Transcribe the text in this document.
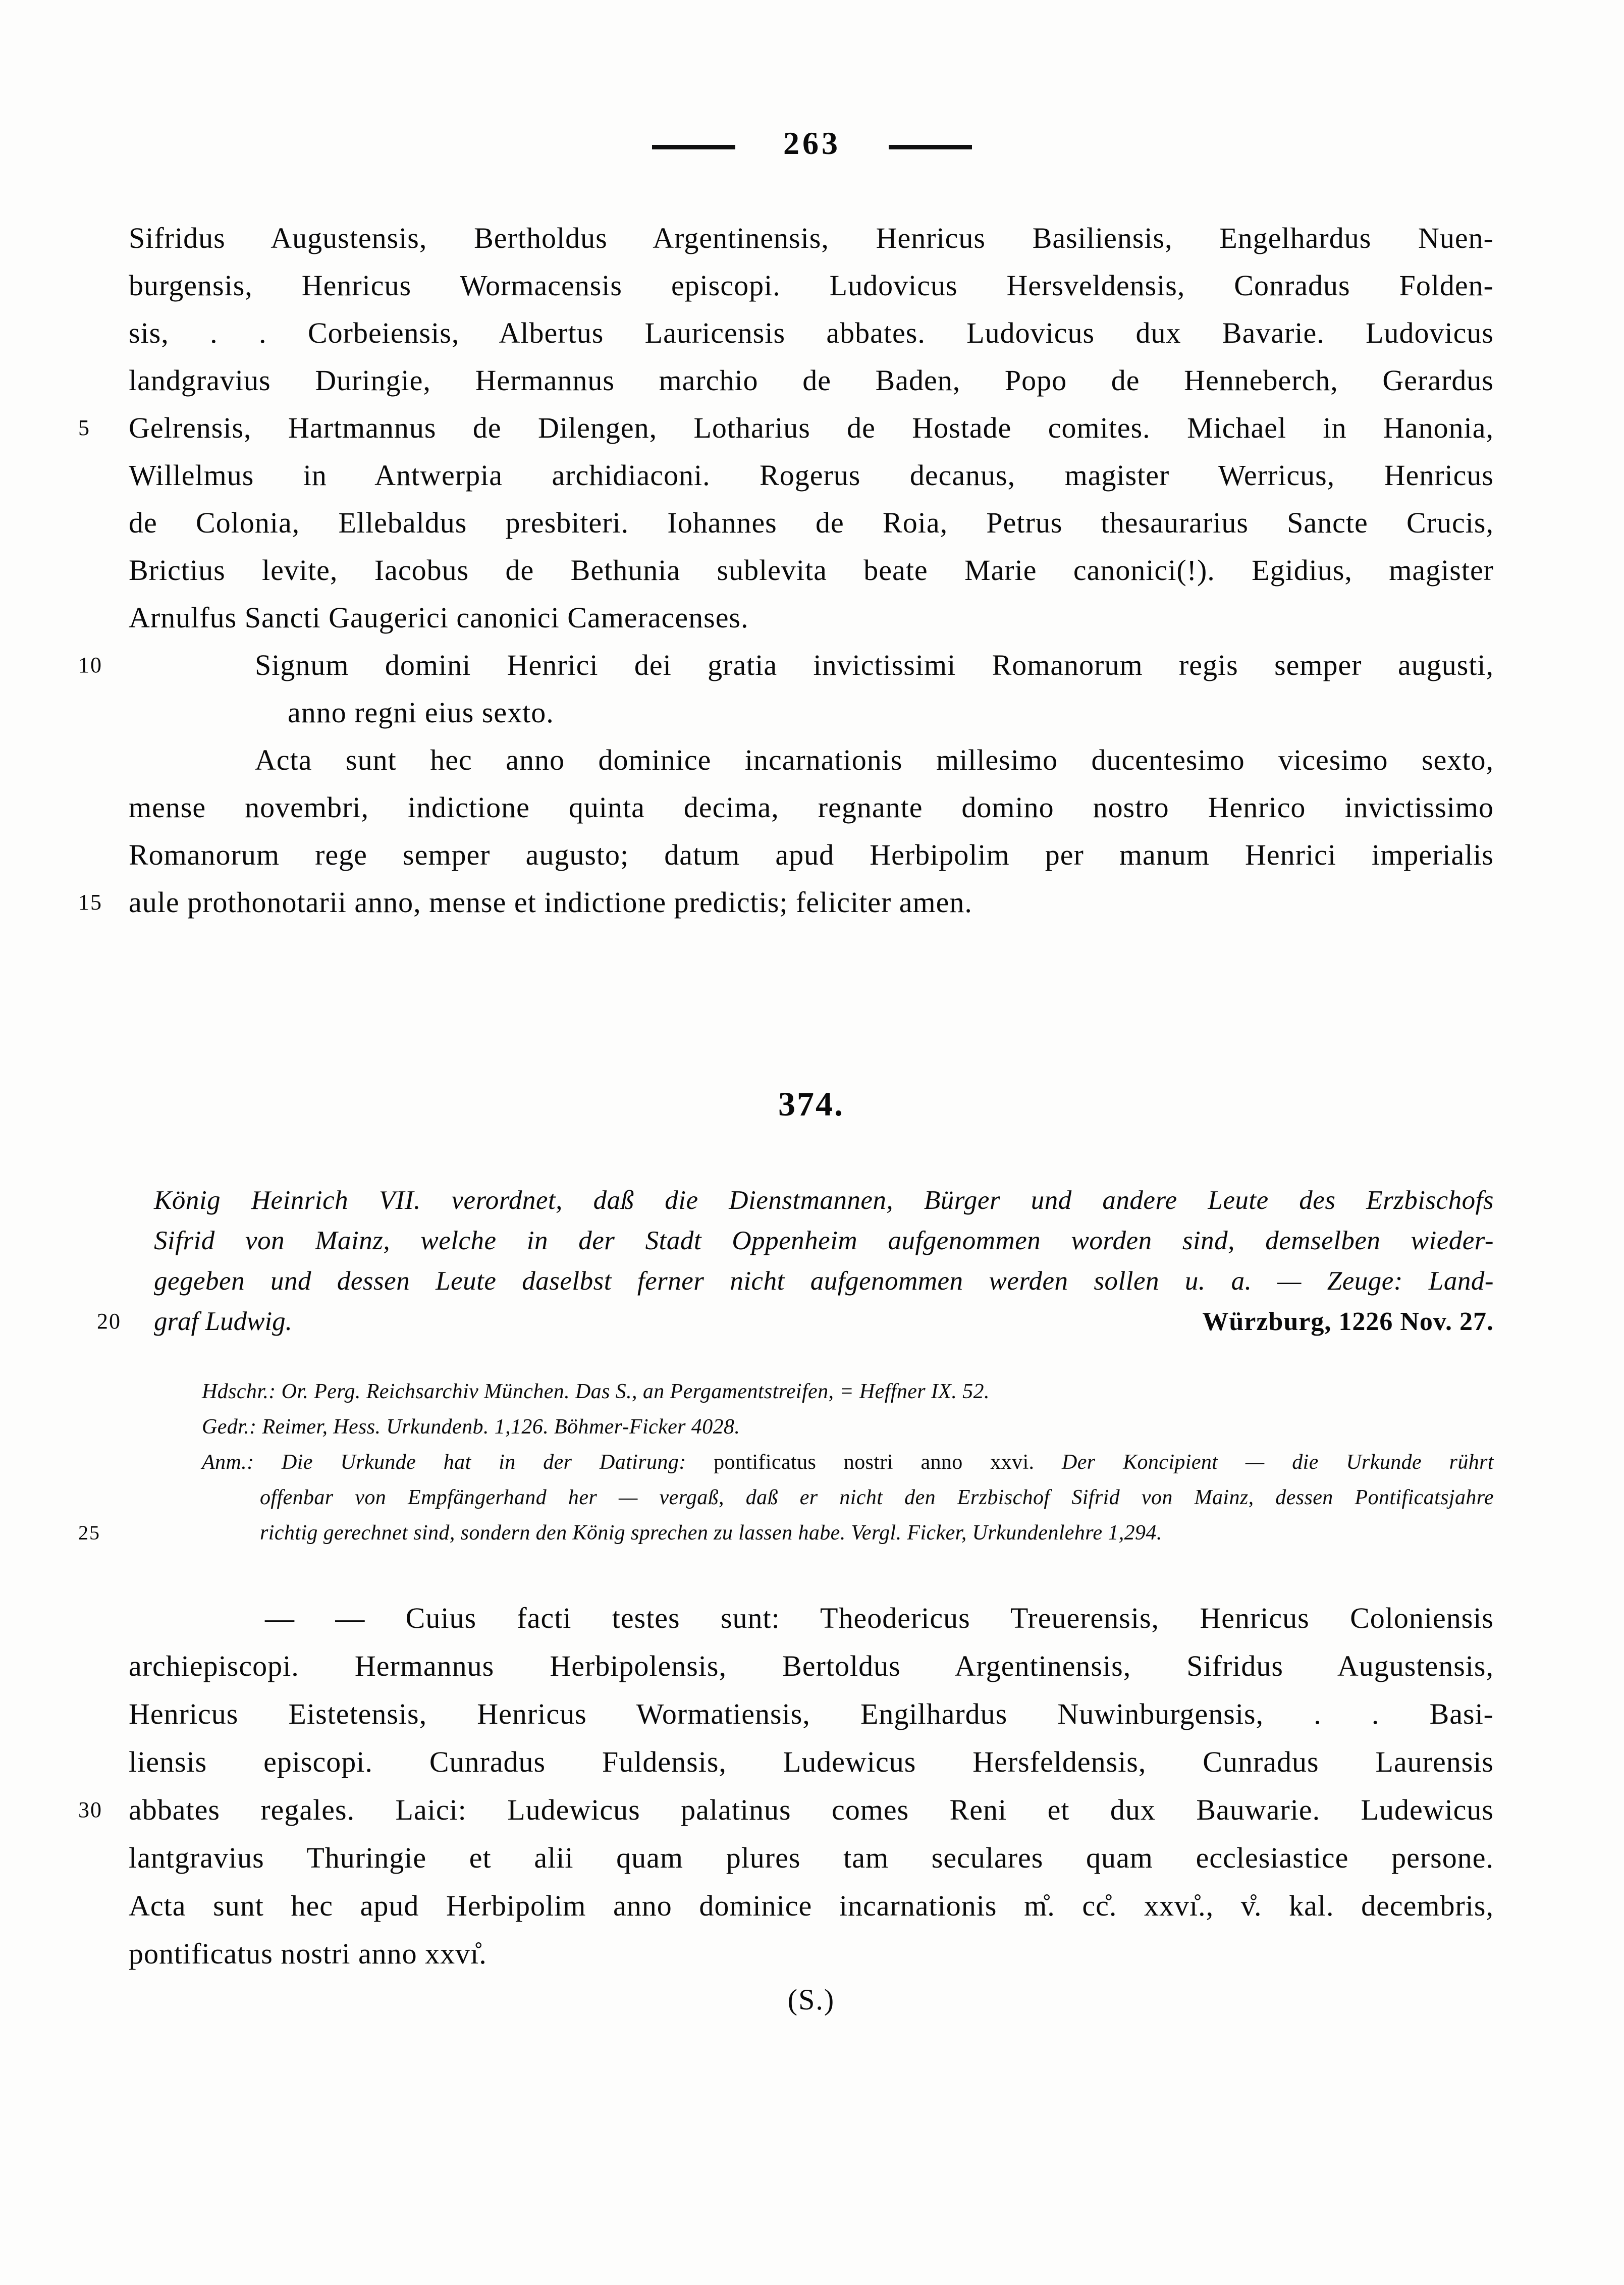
263
Sifridus Augustensis, Bertholdus Argentinensis, Henricus Basiliensis, Engelhardus Nuen-
burgensis, Henricus Wormacensis episcopi. Ludovicus Hersveldensis, Conradus Folden-
sis, . . Corbeiensis, Albertus Lauricensis abbates. Ludovicus dux Bavarie. Ludovicus
landgravius Duringie, Hermannus marchio de Baden, Popo de Henneberch, Gerardus
5	Gelrensis, Hartmannus de Dilengen, Lotharius de Hostade comites. Michael in Hanonia,
Willelmus in Antwerpia archidiaconi. Rogerus decanus, magister Werricus, Henricus
de Colonia, Ellebaldus presbiteri. Iohannes de Roia, Petrus thesaurarius Sancte Crucis,
Brictius levite, Iacobus de Bethunia sublevita beate Marie canonici(!). Egidius, magister
Arnulfus Sancti Gaugerici canonici Cameracenses.
10	Signum domini Henrici dei gratia invictissimi Romanorum regis semper augusti,
anno regni eius sexto.
Acta sunt hec anno dominice incarnationis millesimo ducentesimo vicesimo sexto,
mense novembri, indictione quinta decima, regnante domino nostro Henrico invictissimo
Romanorum rege semper augusto; datum apud Herbipolim per manum Henrici imperialis
15 aule prothonotarii anno, mense et indictione predictis; feliciter amen.
374.
König Heinrich VII. verordnet, daß die Dienstmannen, Bürger und andere Leute des Erzbischofs
Sifrid von Mainz, welche in der Stadt Oppenheim aufgenommen worden sind, demselben wieder-
gegeben und dessen Leute daselbst ferner nicht aufgenommen werden sollen u. a. — Zeuge: Land-
20 graf Ludwig.	Würzburg, 1226 Nov. 27.
Hdschr.: Or. Perg. Reichsarchiv München. Das S., an Pergamentstreifen, = Heffner IX. 52.
Gedr.: Reimer, Hess. Urkundenb. 1,126. Böhmer-Ficker 4028.
Anm.: Die Urkunde hat in der Datirung: pontificatus nostri anno xxvi. Der Koncipient — die Urkunde rührt
offenbar von Empfängerhand her — vergaß, daß er nicht den Erzbischof Sifrid von Mainz, dessen Pontificatsjahre
25	richtig gerechnet sind, sondern den König sprechen zu lassen habe. Vergl. Ficker, Urkundenlehre 1,294.
— — Cuius facti testes sunt: Theodericus Treuerensis, Henricus Coloniensis
archiepiscopi. Hermannus Herbipolensis, Bertoldus Argentinensis, Sifridus Augustensis,
Henricus Eistetensis, Henricus Wormatiensis, Engilhardus Nuwinburgensis, . . Basi-
liensis episcopi. Cunradus Fuldensis, Ludewicus Hersfeldensis, Cunradus Laurensis
30 abbates regales. Laici: Ludewicus palatinus comes Reni et dux Bauwarie. Ludewicus
lantgravius Thuringie et alii quam plures tam seculares quam ecclesiastice persone.
Acta sunt hec apud Herbipolim anno dominice incarnationis m̊. cc̊. xxvı̊., v̊. kal. decembris,
pontificatus nostri anno xxvı̊.
(S.)
